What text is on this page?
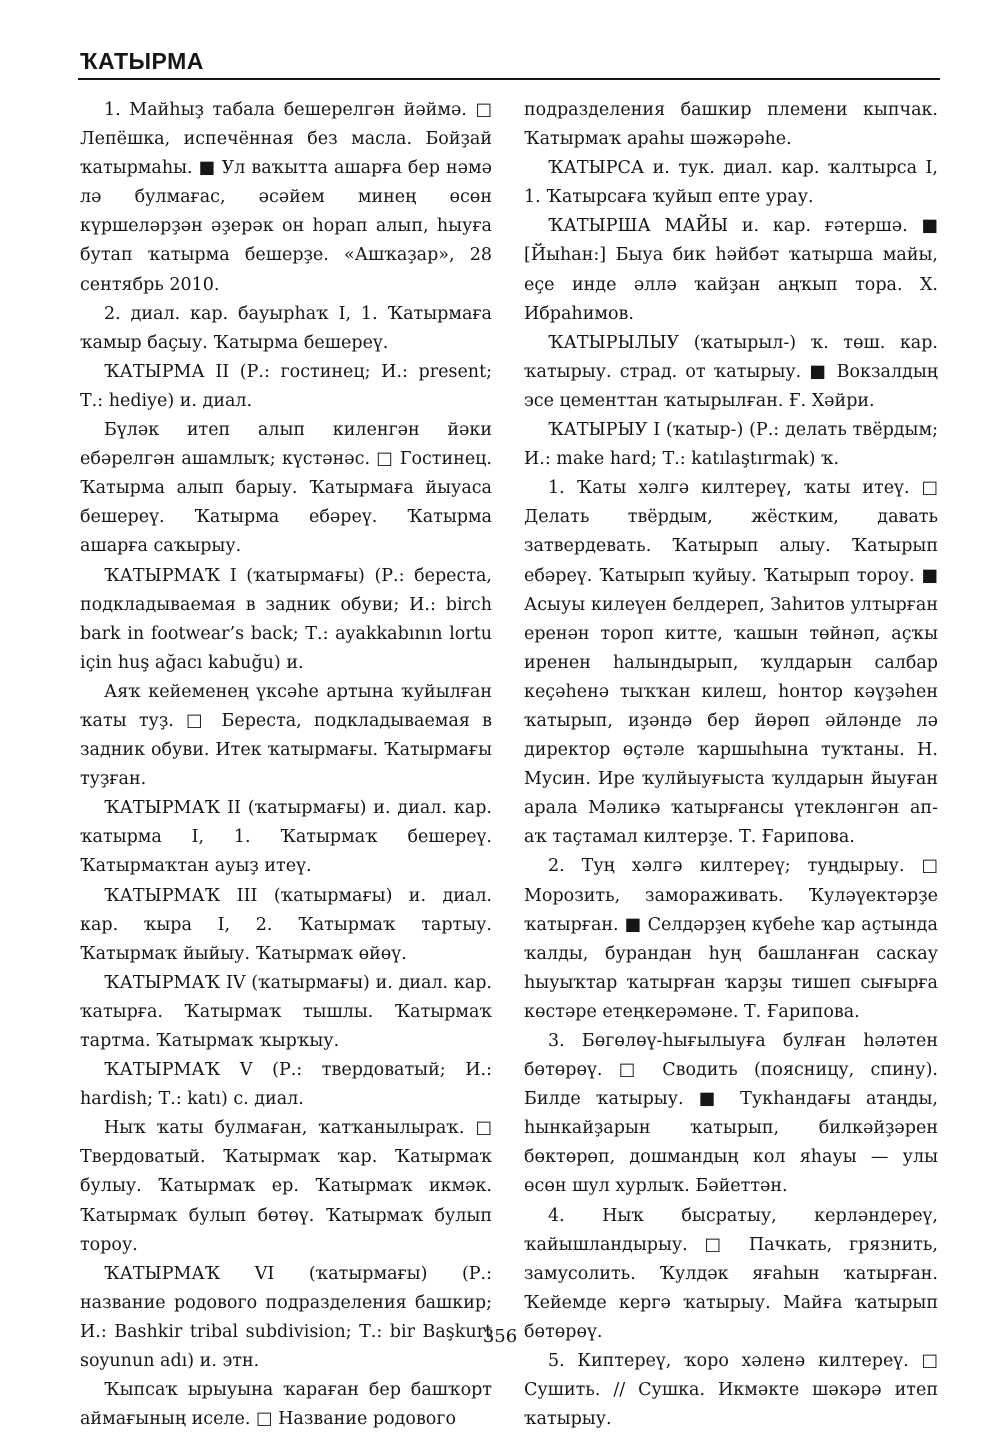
ҠАТЫРМА

1. Майһыҙ табала бешерелгән йәймә. □ Лепёшка, испечённая без масла. Бойҙай ҡатырмаһы. ■ Ул ваҡытта ашарға бер нәмә лә булмағас, әсәйем минең өсөн күршеләрҙән әҙерәк он һорап алып, һыуға бутап ҡатырма бешерҙе. «Ашҡаҙар», 28 сентябрь 2010.

2. диал. кар. бауырһаҡ I, 1. Ҡатырмаға ҡамыр баҫыу. Ҡатырма бешереү.

ҠАТЫРМА II (Р.: гостинец; И.: present; Т.: hediye) и. диал.

Бүләк итеп алып киленгән йәки ебәрелгән ашамлыҡ; күстәнәс. □ Гостинец. Ҡатырма алып барыу. Ҡатырмаға йыуаса бешереү. Ҡатырма ебәреү. Ҡатырма ашарға саҡырыу.

ҠАТЫРМАҠ I (ҡатырмағы) (Р.: береста, подкладываемая в задник обуви; И.: birch bark in footwear’s back; Т.: ayakkabının lortu için huş ağacı kabuğu) и.

Аяҡ кейеменең үксәһе артына ҡуйылған ҡаты туҙ. □ Береста, подкладываемая в задник обуви. Итек ҡатырмағы. Ҡатырмағы туҙған.

ҠАТЫРМАҠ II (ҡатырмағы) и. диал. кар. ҡатырма I, 1. Ҡатырмаҡ бешереү. Ҡатырмаҡтан ауыҙ итеү.

ҠАТЫРМАҠ III (ҡатырмағы) и. диал. кар. ҡыра I, 2. Ҡатырмаҡ тартыу. Ҡатырмаҡ йыйыу. Ҡатырмаҡ өйөү.

ҠАТЫРМАҠ IV (ҡатырмағы) и. диал. кар. ҡатырға. Ҡатырмаҡ тышлы. Ҡатырмаҡ тартма. Ҡатырмаҡ ҡырҡыу.

ҠАТЫРМАҠ V (Р.: твердоватый; И.: hardish; Т.: katı) с. диал.

Ныҡ ҡаты булмаған, ҡатҡанылыраҡ. □ Твердоватый. Ҡатырмаҡ ҡар. Ҡатырмаҡ булыу. Ҡатырмаҡ ер. Ҡатырмаҡ икмәк. Ҡатырмаҡ булып бөтөү. Ҡатырмаҡ булып тороу.

ҠАТЫРМАҠ VI (ҡатырмағы) (Р.: название родового подразделения башкир; И.: Bashkir tribal subdivision; Т.: bir Başkurt soyunun adı) и. этн.

Ҡыпсаҡ ырыуына ҡараған бер башҡорт аймағының иселе. □ Название родового

подразделения башкир племени кыпчак. Ҡатырмаҡ араһы шәжәрәһе.

ҠАТЫРСА и. тук. диал. кар. ҡалтырса I, 1. Ҡатырсаға ҡуйып епте урау.

ҠАТЫРША МАЙЫ и. кар. ғәтершә. ■ [Йыһан:] Быуа бик һәйбәт ҡатырша майы, еҫе инде әллә ҡайҙан аңҡып тора. Х. Ибраһимов.

ҠАТЫРЫЛЫУ (ҡатырыл-) ҡ. төш. кар. ҡатырыу. страд. от ҡатырыу. ■ Вокзалдың эсе цементтан ҡатырылған. Ғ. Хәйри.

ҠАТЫРЫУ I (ҡатыр-) (Р.: делать твёрдым; И.: make hard; Т.: katılaştırmak) ҡ.

1. Ҡаты хәлгә килтереү, ҡаты итеү. □ Делать твёрдым, жёстким, давать затвердевать. Ҡатырып алыу. Ҡатырып ебәреү. Ҡатырып ҡуйыу. Ҡатырып тороу. ■ Асыуы килеүен белдереп, Заһитов ултырған еренән тороп китте, ҡашын төйнәп, аҫҡы иренен һалындырып, ҡулдарын салбар кеҫәһенә тыҡҡан килеш, һонтор кәүҙәһен ҡатырып, иҙәндә бер йөрөп әйләнде лә директор өҫтәле ҡаршыһына туҡтаны. Н. Мусин. Ире ҡулйыуғыста ҡулдарын йыуған арала Мәликә ҡатырғансы үтекләнгән ап-аҡ таҫтамал килтерҙе. Т. Ғарипова.

2. Туң хәлгә килтереү; туңдырыу. □ Морозить, замораживать. Ҡуләүектәрҙе ҡатырған. ■ Селдәрҙең күбеһе ҡар аҫтында ҡалды, бурандан һуң башланған саскау һыуыҡтар ҡатырған ҡарҙы тишеп сығырға көстәре етеңкерәмәне. Т. Ғарипова.

3. Бөгөлөү-һығылыуға булған һәләтен бөтөрөү. □ Сводить (поясницу, спину). Билде ҡатырыу. ■ Тукһандағы атаңды, һынкайҙарын ҡатырып, билкәйҙәрен бөктөрөп, дошмандың кол яһауы — улы өсөн шул хурлыҡ. Бәйеттән.

4. Ныҡ бысратыу, керләндереү, ҡайышландырыу. □ Пачкать, грязнить, замусолить. Ҡулдәк яғаһын ҡатырған. Ҡейемде кергә ҡатырыу. Майға ҡатырып бөтөрөү.

5. Киптереү, ҡоро хәленә килтереү. □ Сушить. // Сушка. Икмәкте шәкәрә итеп ҡатырыу.

356
